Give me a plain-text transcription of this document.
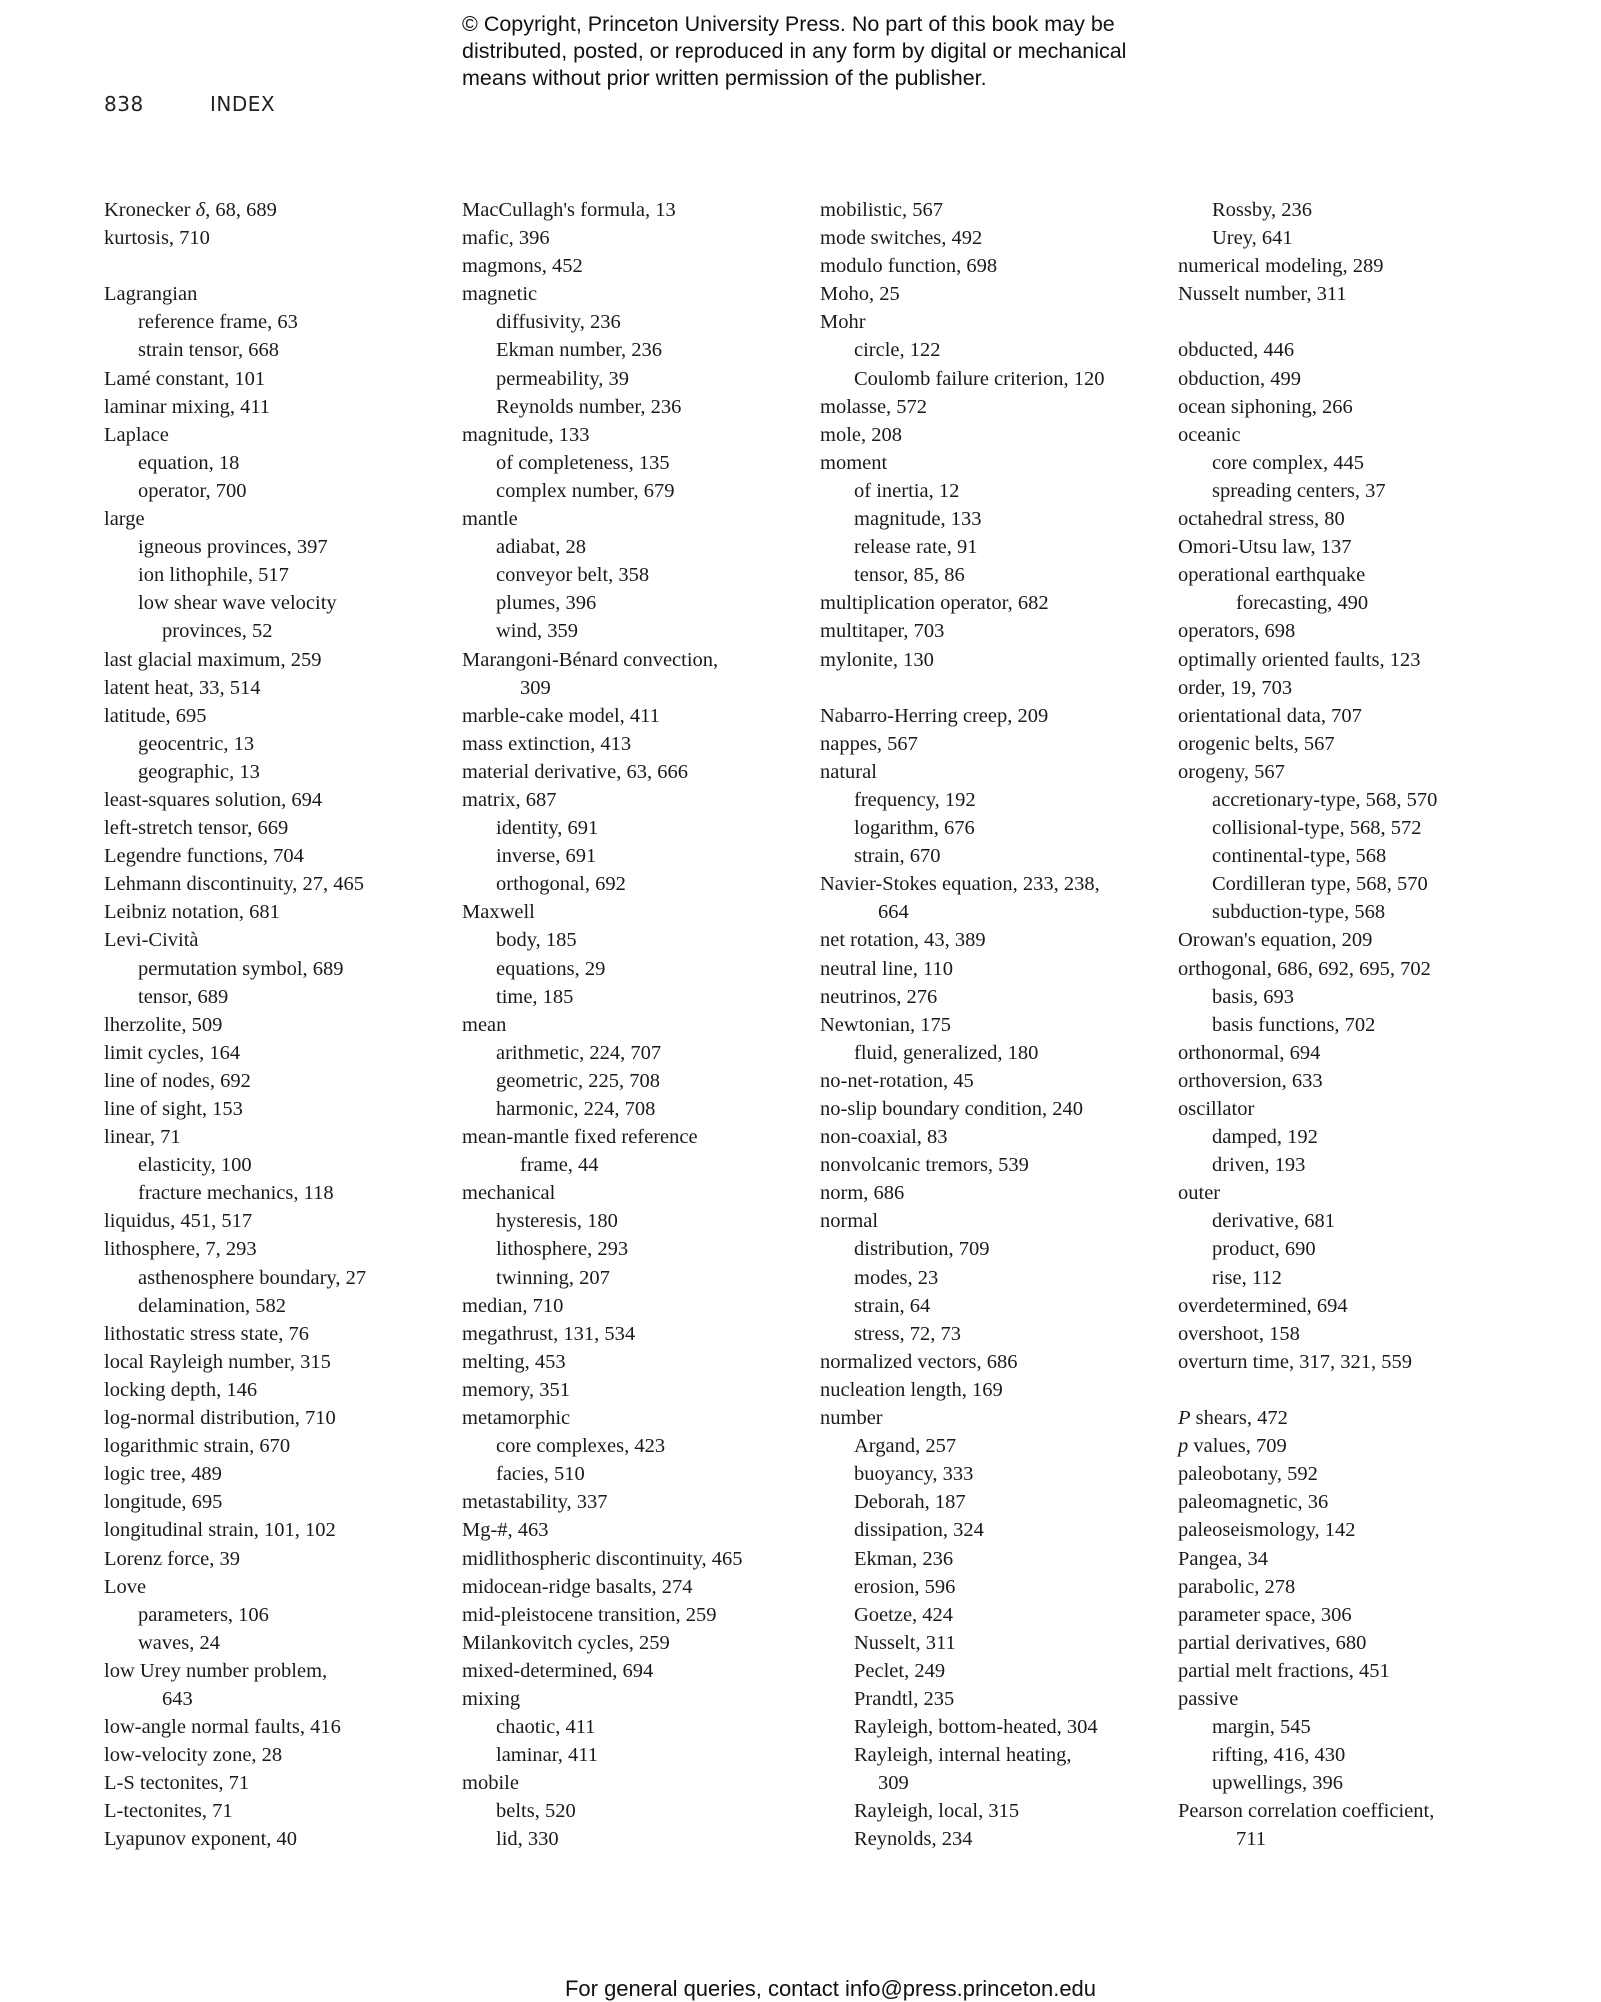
© Copyright, Princeton University Press. No part of this book may be
distributed, posted, or reproduced in any form by digital or mechanical
means without prior written permission of the publisher.
838	INDEX
Kronecker δ, 68, 689
kurtosis, 710
Lagrangian
reference frame, 63
strain tensor, 668
Lamé constant, 101
laminar mixing, 411
Laplace
equation, 18
operator, 700
large
igneous provinces, 397
ion lithophile, 517
low shear wave velocity
provinces, 52
last glacial maximum, 259
latent heat, 33, 514
latitude, 695
geocentric, 13
geographic, 13
least-squares solution, 694
left-stretch tensor, 669
Legendre functions, 704
Lehmann discontinuity, 27, 465
Leibniz notation, 681
Levi-Cività
permutation symbol, 689
tensor, 689
lherzolite, 509
limit cycles, 164
line of nodes, 692
line of sight, 153
linear, 71
elasticity, 100
fracture mechanics, 118
liquidus, 451, 517
lithosphere, 7, 293
asthenosphere boundary, 27
delamination, 582
lithostatic stress state, 76
local Rayleigh number, 315
locking depth, 146
log-normal distribution, 710
logarithmic strain, 670
logic tree, 489
longitude, 695
longitudinal strain, 101, 102
Lorenz force, 39
Love
parameters, 106
waves, 24
low Urey number problem,
643
low-angle normal faults, 416
low-velocity zone, 28
L-S tectonites, 71
L-tectonites, 71
Lyapunov exponent, 40
MacCullagh's formula, 13
mafic, 396
magmons, 452
magnetic
diffusivity, 236
Ekman number, 236
permeability, 39
Reynolds number, 236
magnitude, 133
of completeness, 135
complex number, 679
mantle
adiabat, 28
conveyor belt, 358
plumes, 396
wind, 359
Marangoni-Bénard convection,
309
marble-cake model, 411
mass extinction, 413
material derivative, 63, 666
matrix, 687
identity, 691
inverse, 691
orthogonal, 692
Maxwell
body, 185
equations, 29
time, 185
mean
arithmetic, 224, 707
geometric, 225, 708
harmonic, 224, 708
mean-mantle fixed reference
frame, 44
mechanical
hysteresis, 180
lithosphere, 293
twinning, 207
median, 710
megathrust, 131, 534
melting, 453
memory, 351
metamorphic
core complexes, 423
facies, 510
metastability, 337
Mg-#, 463
midlithospheric discontinuity, 465
midocean-ridge basalts, 274
mid-pleistocene transition, 259
Milankovitch cycles, 259
mixed-determined, 694
mixing
chaotic, 411
laminar, 411
mobile
belts, 520
lid, 330
mobilistic, 567
mode switches, 492
modulo function, 698
Moho, 25
Mohr
circle, 122
Coulomb failure criterion, 120
molasse, 572
mole, 208
moment
of inertia, 12
magnitude, 133
release rate, 91
tensor, 85, 86
multiplication operator, 682
multitaper, 703
mylonite, 130
Nabarro-Herring creep, 209
nappes, 567
natural
frequency, 192
logarithm, 676
strain, 670
Navier-Stokes equation, 233, 238,
664
net rotation, 43, 389
neutral line, 110
neutrinos, 276
Newtonian, 175
fluid, generalized, 180
no-net-rotation, 45
no-slip boundary condition, 240
non-coaxial, 83
nonvolcanic tremors, 539
norm, 686
normal
distribution, 709
modes, 23
strain, 64
stress, 72, 73
normalized vectors, 686
nucleation length, 169
number
Argand, 257
buoyancy, 333
Deborah, 187
dissipation, 324
Ekman, 236
erosion, 596
Goetze, 424
Nusselt, 311
Peclet, 249
Prandtl, 235
Rayleigh, bottom-heated, 304
Rayleigh, internal heating,
309
Rayleigh, local, 315
Reynolds, 234
Rossby, 236
Urey, 641
numerical modeling, 289
Nusselt number, 311
obducted, 446
obduction, 499
ocean siphoning, 266
oceanic
core complex, 445
spreading centers, 37
octahedral stress, 80
Omori-Utsu law, 137
operational earthquake
forecasting, 490
operators, 698
optimally oriented faults, 123
order, 19, 703
orientational data, 707
orogenic belts, 567
orogeny, 567
accretionary-type, 568, 570
collisional-type, 568, 572
continental-type, 568
Cordilleran type, 568, 570
subduction-type, 568
Orowan's equation, 209
orthogonal, 686, 692, 695, 702
basis, 693
basis functions, 702
orthonormal, 694
orthoversion, 633
oscillator
damped, 192
driven, 193
outer
derivative, 681
product, 690
rise, 112
overdetermined, 694
overshoot, 158
overturn time, 317, 321, 559
P shears, 472
p values, 709
paleobotany, 592
paleomagnetic, 36
paleoseismology, 142
Pangea, 34
parabolic, 278
parameter space, 306
partial derivatives, 680
partial melt fractions, 451
passive
margin, 545
rifting, 416, 430
upwellings, 396
Pearson correlation coefficient,
711
For general queries, contact info@press.princeton.edu
